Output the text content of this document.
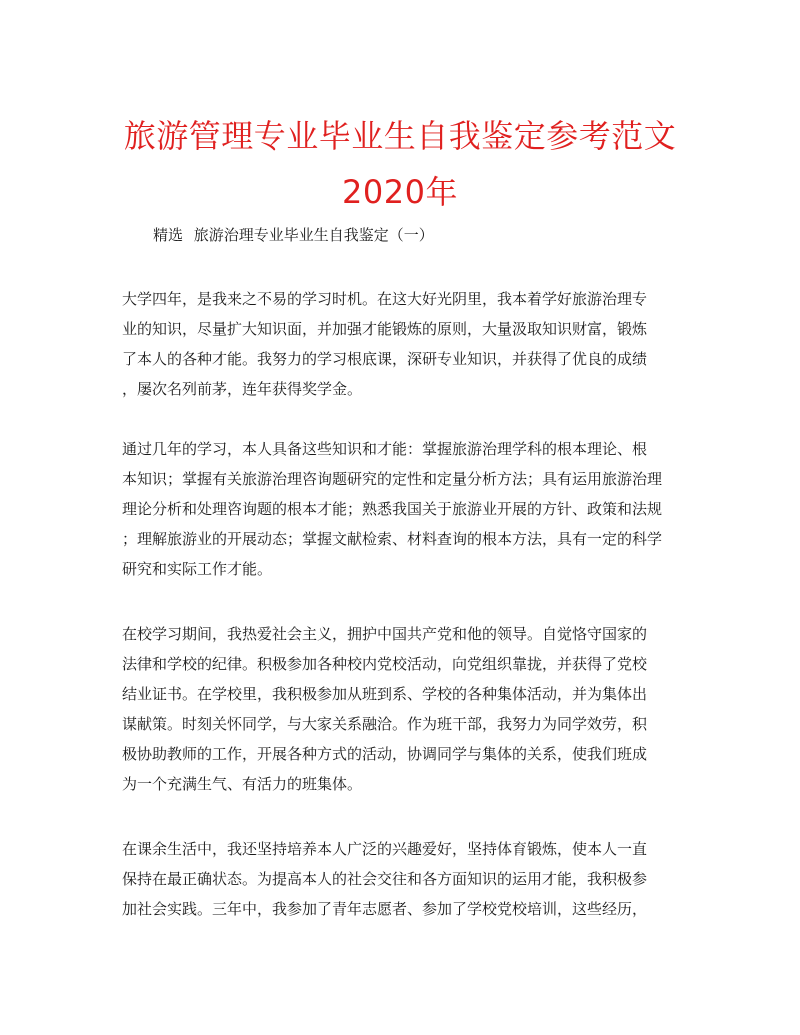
旅游管理专业毕业生自我鉴定参考范文2020年
精选 旅游治理专业毕业生自我鉴定（一）
大学四年，是我来之不易的学习时机。在这大好光阴里，我本着学好旅游治理专
业的知识，尽量扩大知识面，并加强才能锻炼的原则，大量汲取知识财富，锻炼
了本人的各种才能。我努力的学习根底课，深研专业知识，并获得了优良的成绩
，屡次名列前茅，连年获得奖学金。
通过几年的学习，本人具备这些知识和才能：掌握旅游治理学科的根本理论、根
本知识；掌握有关旅游治理咨询题研究的定性和定量分析方法；具有运用旅游治理
理论分析和处理咨询题的根本才能；熟悉我国关于旅游业开展的方针、政策和法规
；理解旅游业的开展动态；掌握文献检索、材料查询的根本方法，具有一定的科学
研究和实际工作才能。
在校学习期间，我热爱社会主义，拥护中国共产党和他的领导。自觉恪守国家的
法律和学校的纪律。积极参加各种校内党校活动，向党组织靠拢，并获得了党校
结业证书。在学校里，我积极参加从班到系、学校的各种集体活动，并为集体出
谋献策。时刻关怀同学，与大家关系融洽。作为班干部，我努力为同学效劳，积
极协助教师的工作，开展各种方式的活动，协调同学与集体的关系，使我们班成
为一个充满生气、有活力的班集体。
在课余生活中，我还坚持培养本人广泛的兴趣爱好，坚持体育锻炼，使本人一直
保持在最正确状态。为提高本人的社会交往和各方面知识的运用才能，我积极参
加社会实践。三年中，我参加了青年志愿者、参加了学校党校培训，这些经历，
